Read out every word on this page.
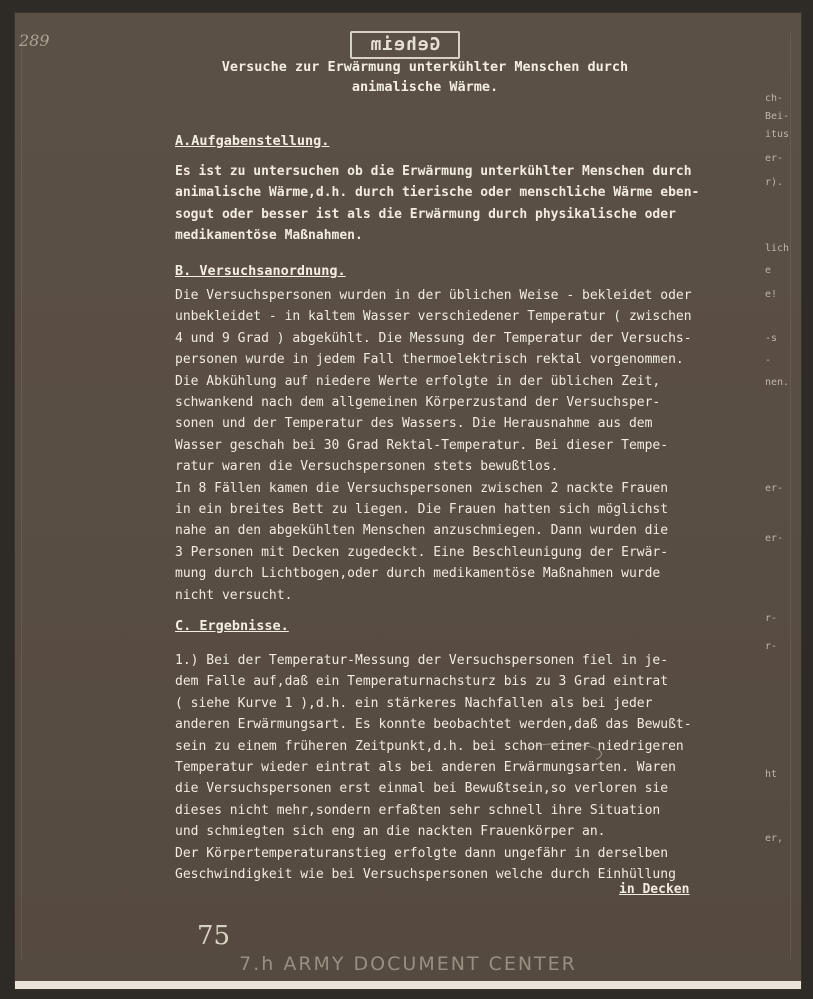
289	Geheim
Versuche zur Erwärmung unterkühlter Menschen durch
animalische Wärme.
A.Aufgabenstellung.

Es ist zu untersuchen ob die Erwärmung unterkühlter Menschen durch
animalische Wärme,d.h. durch tierische oder menschliche Wärme eben-
sogut oder besser ist als die Erwärmung durch physikalische oder
medikamentöse Maßnahmen.

B. Versuchsanordnung.

Die Versuchspersonen wurden in der üblichen Weise - bekleidet oder
unbekleidet - in kaltem Wasser verschiedener Temperatur ( zwischen
4 und 9 Grad ) abgekühlt. Die Messung der Temperatur der Versuchs-
personen wurde in jedem Fall thermoelektrisch rektal vorgenommen.
Die Abkühlung auf niedere Werte erfolgte in der üblichen Zeit,
schwankend nach dem allgemeinen Körperzustand der Versuchsper-
sonen und der Temperatur des Wassers. Die Herausnahme aus dem
Wasser geschah bei 30 Grad Rektal-Temperatur. Bei dieser Tempe-
ratur waren die Versuchspersonen stets bewußtlos.
In 8 Fällen kamen die Versuchspersonen zwischen 2 nackte Frauen
in ein breites Bett zu liegen. Die Frauen hatten sich möglichst
nahe an den abgekühlten Menschen anzuschmiegen. Dann wurden die
3 Personen mit Decken zugedeckt. Eine Beschleunigung der Erwär-
mung durch Lichtbogen,oder durch medikamentöse Maßnahmen wurde
nicht versucht.

C. Ergebnisse.

1.) Bei der Temperatur-Messung der Versuchspersonen fiel in je-
dem Falle auf,daß ein Temperaturnachsturz bis zu 3 Grad eintrat
( siehe Kurve 1 ),d.h. ein stärkeres Nachfallen als bei jeder
anderen Erwärmungsart. Es konnte beobachtet werden,daß das Bewußt-
sein zu einem früheren Zeitpunkt,d.h. bei schon einer niedrigeren
Temperatur wieder eintrat als bei anderen Erwärmungsarten. Waren
die Versuchspersonen erst einmal bei Bewußtsein,so verloren sie
dieses nicht mehr,sondern erfaßten sehr schnell ihre Situation
und schmiegten sich eng an die nackten Frauenkörper an.
Der Körpertemperaturanstieg erfolgte dann ungefähr in derselben
Geschwindigkeit wie bei Versuchspersonen welche durch Einhüllung

in Decken
ch-
Bei-
itus
er-
r).
lich
e
e!
-s
-
nen.
er-
er-
r-
r-
ht
er,
75
7.h ARMY DOCUMENT CENTER
